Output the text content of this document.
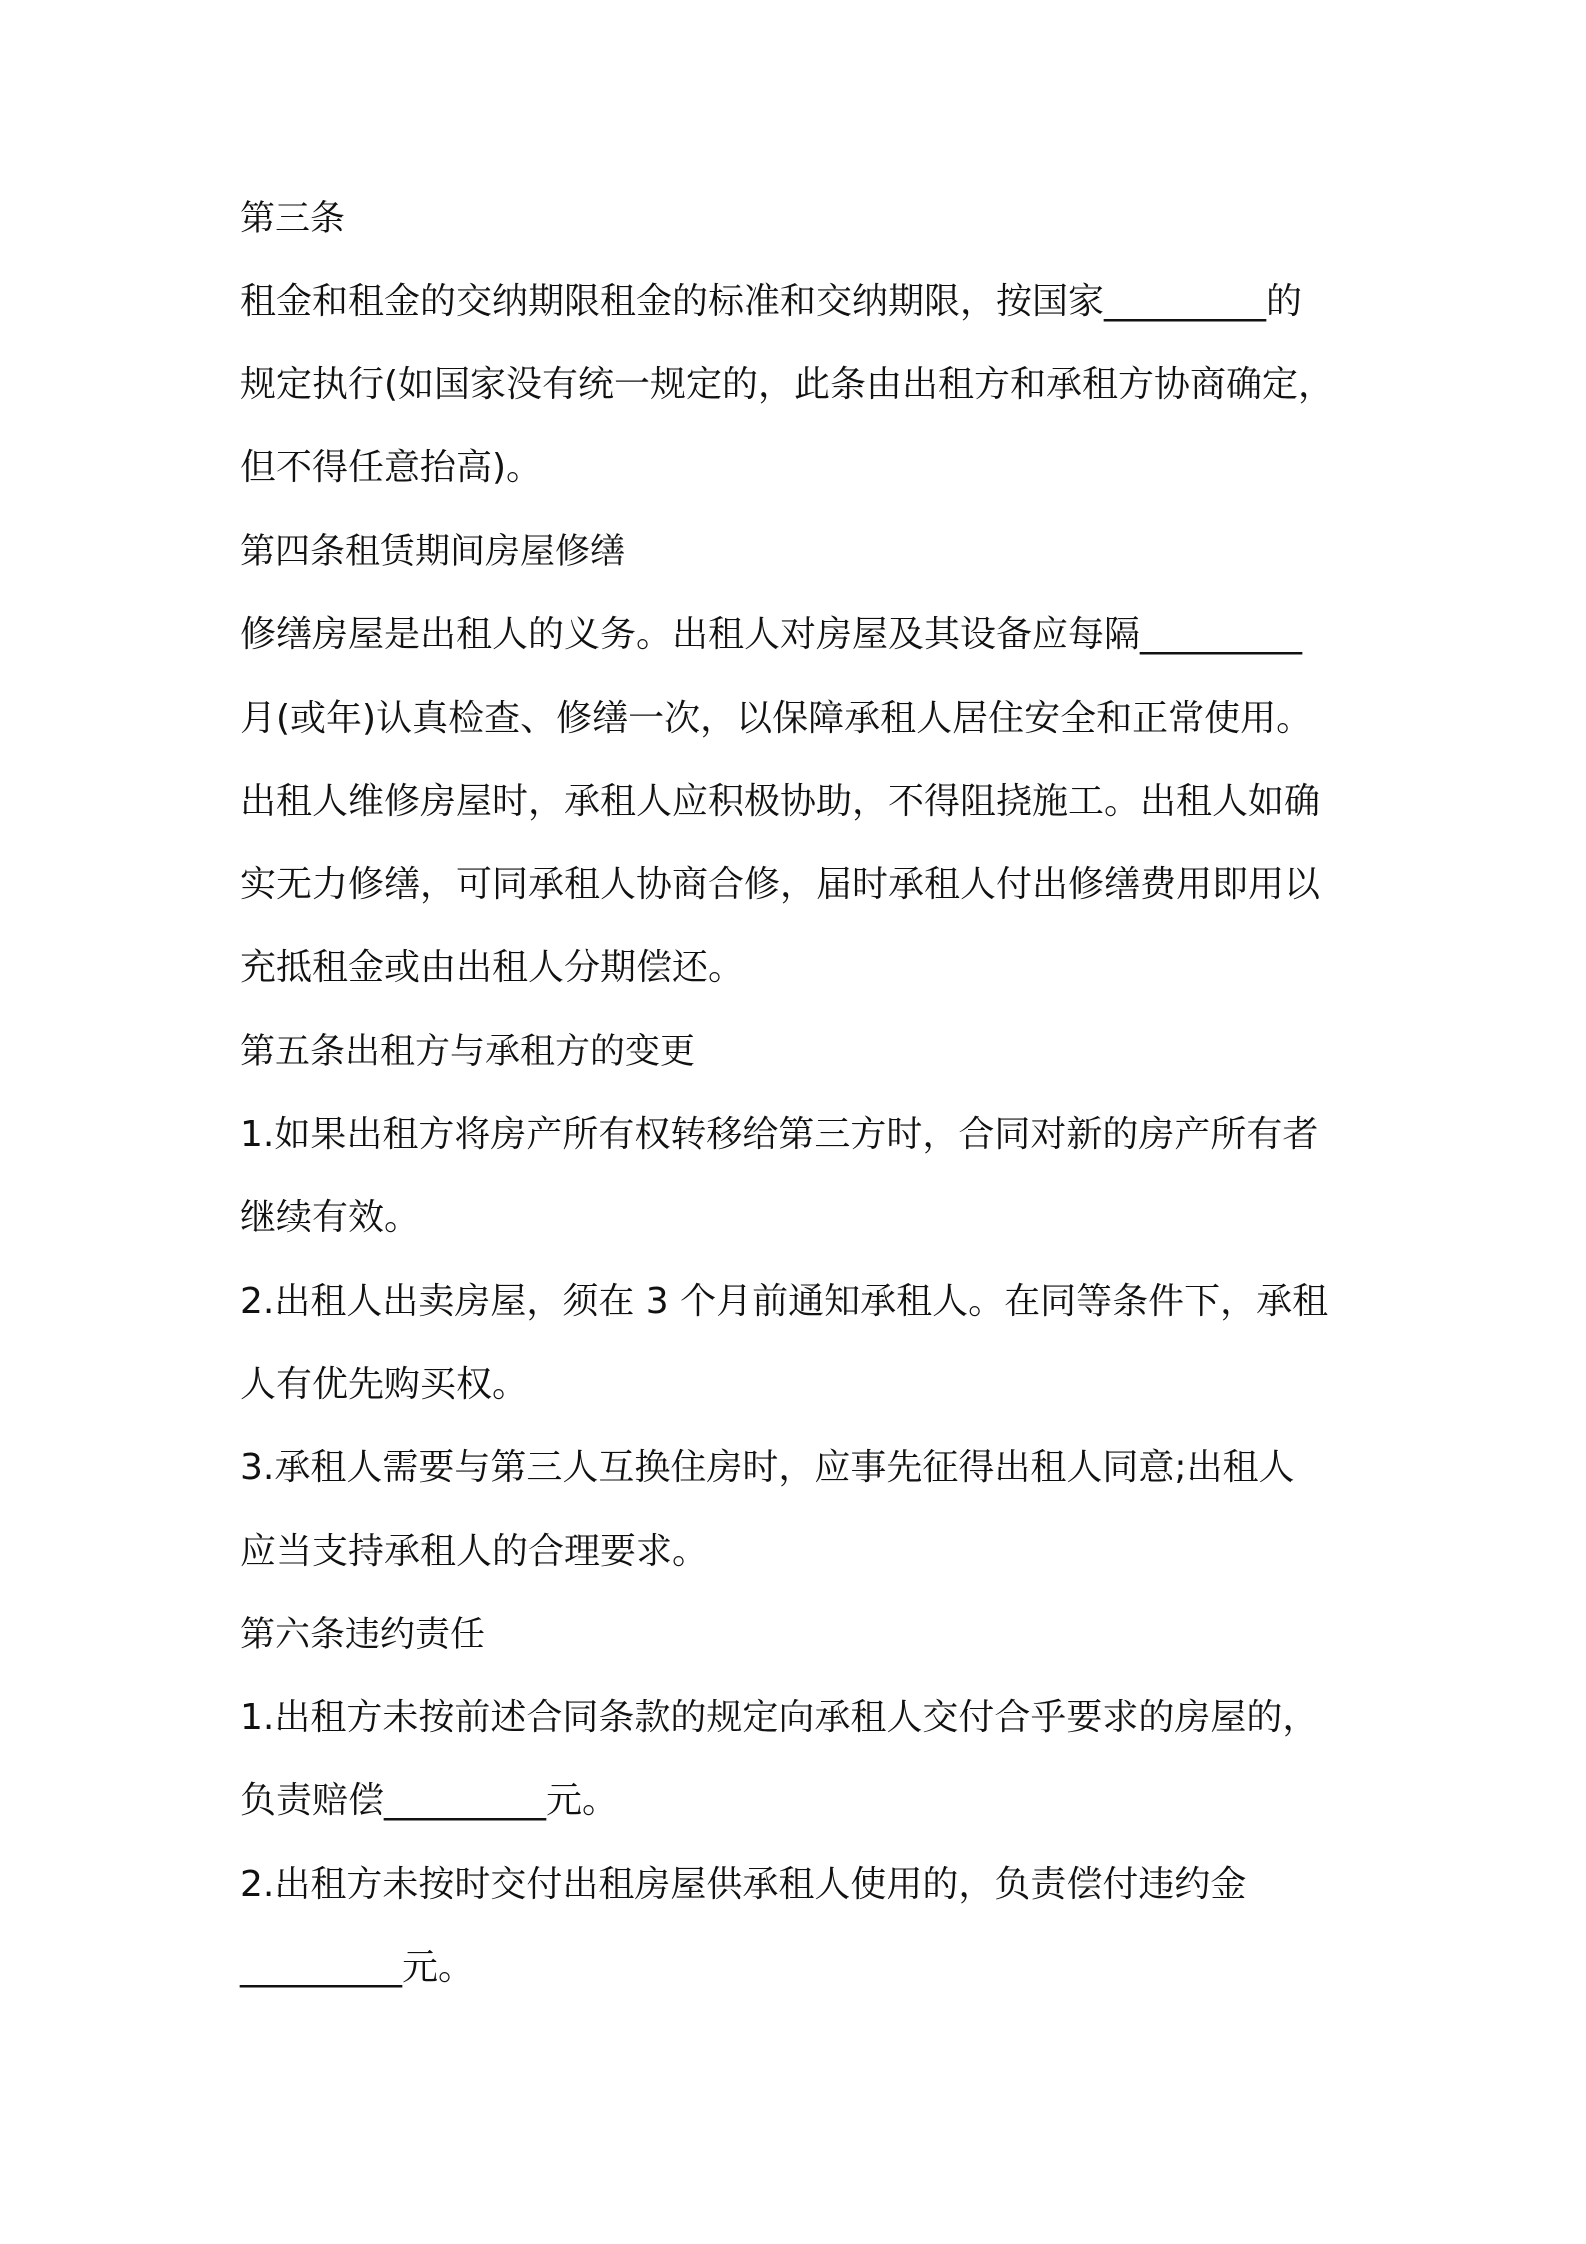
第三条
租金和租金的交纳期限租金的标准和交纳期限，按国家_________的
规定执行(如国家没有统一规定的，此条由出租方和承租方协商确定，
但不得任意抬高)。
第四条租赁期间房屋修缮
修缮房屋是出租人的义务。出租人对房屋及其设备应每隔_________
月(或年)认真检查、修缮一次，以保障承租人居住安全和正常使用。
出租人维修房屋时，承租人应积极协助，不得阻挠施工。出租人如确
实无力修缮，可同承租人协商合修，届时承租人付出修缮费用即用以
充抵租金或由出租人分期偿还。
第五条出租方与承租方的变更
1.如果出租方将房产所有权转移给第三方时，合同对新的房产所有者
继续有效。
2.出租人出卖房屋，须在 3 个月前通知承租人。在同等条件下，承租
人有优先购买权。
3.承租人需要与第三人互换住房时，应事先征得出租人同意;出租人
应当支持承租人的合理要求。
第六条违约责任
1.出租方未按前述合同条款的规定向承租人交付合乎要求的房屋的，
负责赔偿_________元。
2.出租方未按时交付出租房屋供承租人使用的，负责偿付违约金
_________元。
